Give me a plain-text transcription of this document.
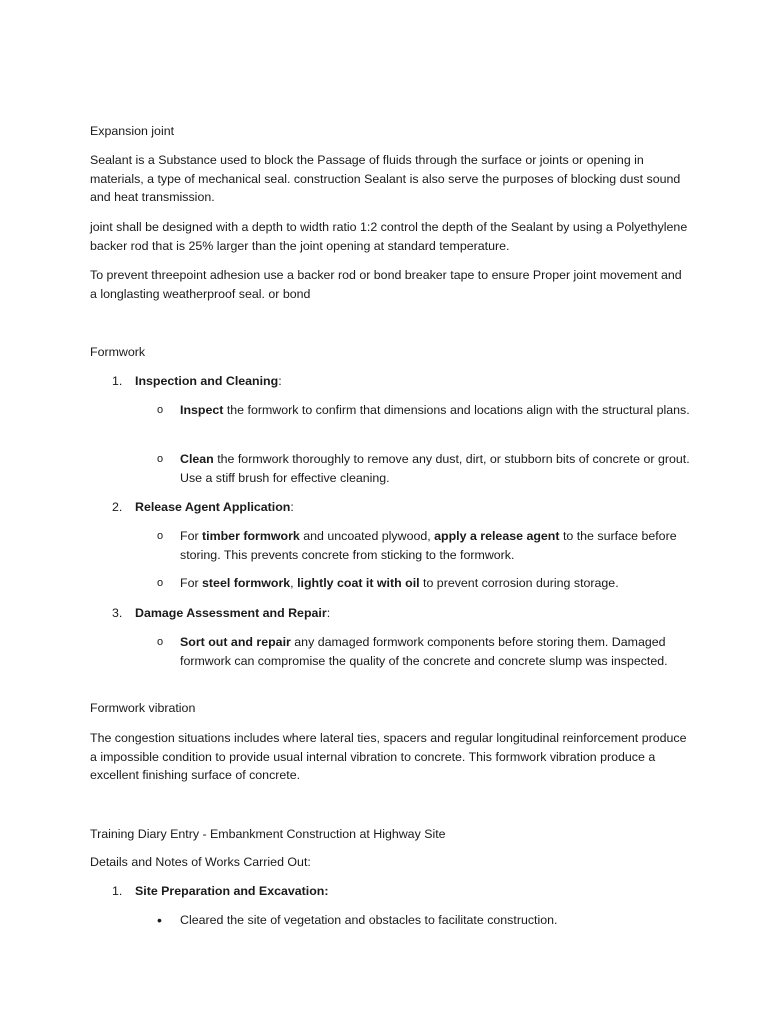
Expansion joint

Sealant is a Substance used to block the Passage of fluids through the surface or joints or opening in materials, a type of mechanical seal. construction Sealant is also serve the purposes of blocking dust sound and heat transmission.

joint shall be designed with a depth to width ratio 1:2 control the depth of the Sealant by using a Polyethylene backer rod that is 25% larger than the joint opening at standard temperature.

To prevent threepoint adhesion use a backer rod or bond breaker tape to ensure Proper joint movement and a longlasting weatherproof seal. or bond

Formwork

1.	Inspection and Cleaning:

o	Inspect the formwork to confirm that dimensions and locations align with the structural plans.

o	Clean the formwork thoroughly to remove any dust, dirt, or stubborn bits of concrete or grout. Use a stiff brush for effective cleaning.

2.	Release Agent Application:

o	For timber formwork and uncoated plywood, apply a release agent to the surface before storing. This prevents concrete from sticking to the formwork.

o	For steel formwork, lightly coat it with oil to prevent corrosion during storage.

3.	Damage Assessment and Repair:

o	Sort out and repair any damaged formwork components before storing them. Damaged formwork can compromise the quality of the concrete and concrete slump was inspected.

Formwork vibration

The congestion situations includes where lateral ties, spacers and regular longitudinal reinforcement produce a impossible condition to provide usual internal vibration to concrete. This formwork vibration produce a excellent finishing surface of concrete.

Training Diary Entry - Embankment Construction at Highway Site

Details and Notes of Works Carried Out:

1.	Site Preparation and Excavation:

•	Cleared the site of vegetation and obstacles to facilitate construction.
